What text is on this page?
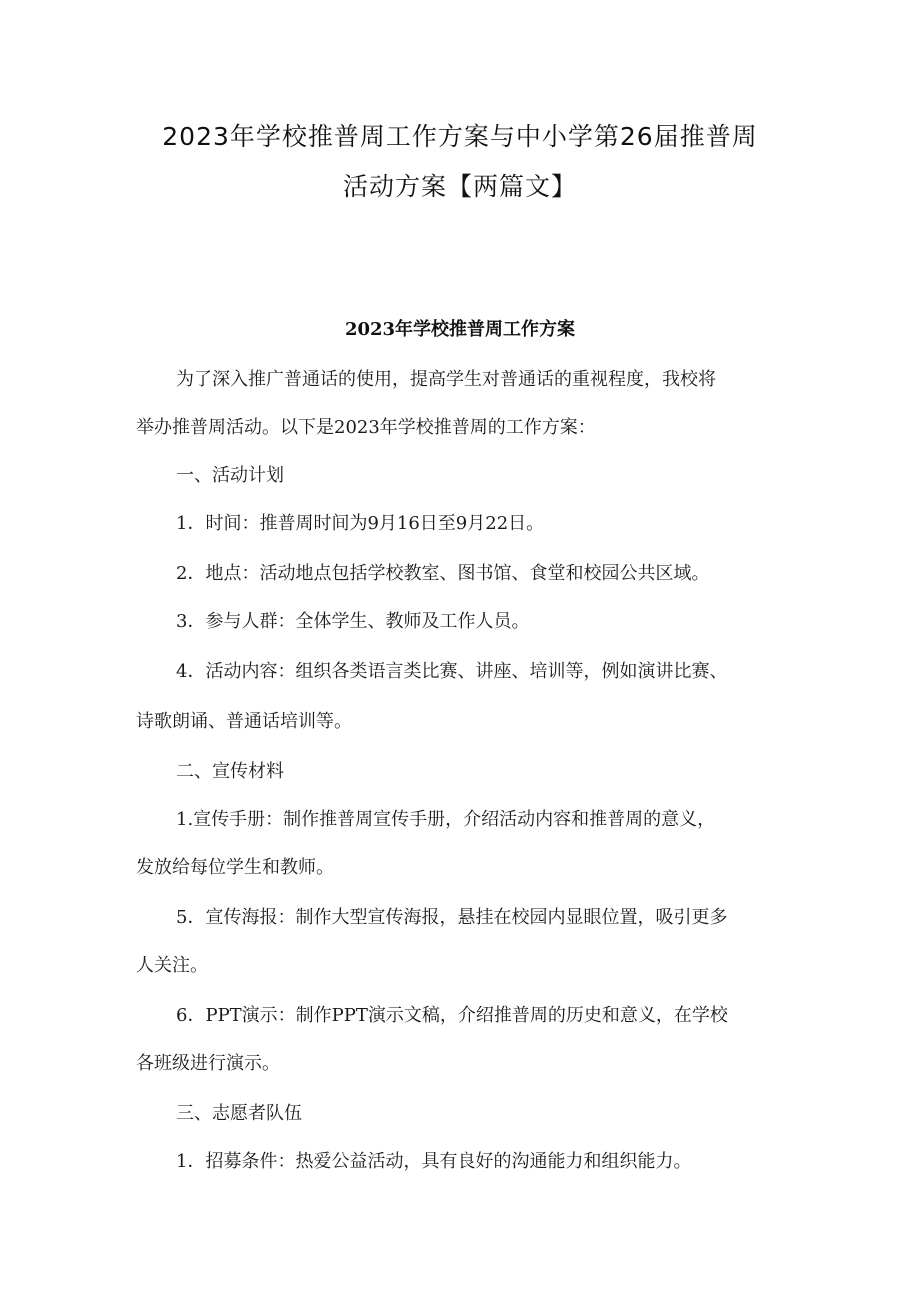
2023年学校推普周工作方案与中小学第26届推普周
活动方案【两篇文】
2023年学校推普周工作方案

为了深入推广普通话的使用，提高学生对普通话的重视程度，我校将

举办推普周活动。以下是2023年学校推普周的工作方案：

一、活动计划

1．时间：推普周时间为9月16日至9月22日。

2．地点：活动地点包括学校教室、图书馆、食堂和校园公共区域。

3．参与人群：全体学生、教师及工作人员。

4．活动内容：组织各类语言类比赛、讲座、培训等，例如演讲比赛、

诗歌朗诵、普通话培训等。

二、宣传材料

1.宣传手册：制作推普周宣传手册，介绍活动内容和推普周的意义，

发放给每位学生和教师。

5．宣传海报：制作大型宣传海报，悬挂在校园内显眼位置，吸引更多

人关注。

6．PPT演示：制作PPT演示文稿，介绍推普周的历史和意义，在学校

各班级进行演示。

三、志愿者队伍

1．招募条件：热爱公益活动，具有良好的沟通能力和组织能力。
